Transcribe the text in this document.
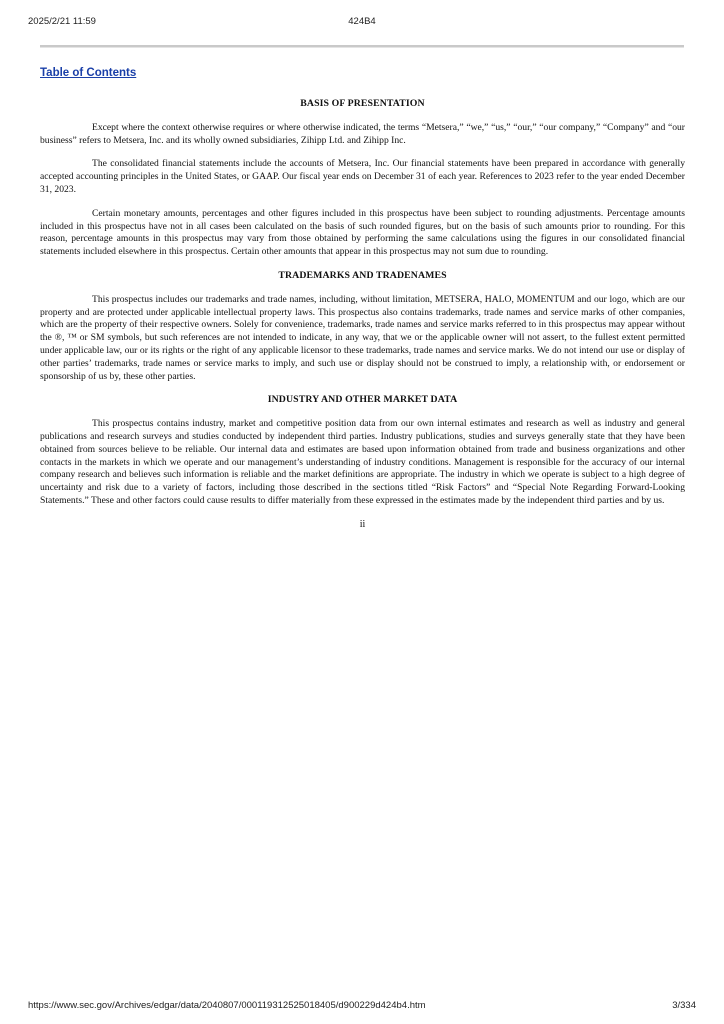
2025/2/21 11:59	424B4
Table of Contents
BASIS OF PRESENTATION

Except where the context otherwise requires or where otherwise indicated, the terms “Metsera,” “we,” “us,” “our,” “our company,” “Company” and “our business” refers to Metsera, Inc. and its wholly owned subsidiaries, Zihipp Ltd. and Zihipp Inc.

The consolidated financial statements include the accounts of Metsera, Inc. Our financial statements have been prepared in accordance with generally accepted accounting principles in the United States, or GAAP. Our fiscal year ends on December 31 of each year. References to 2023 refer to the year ended December 31, 2023.

Certain monetary amounts, percentages and other figures included in this prospectus have been subject to rounding adjustments. Percentage amounts included in this prospectus have not in all cases been calculated on the basis of such rounded figures, but on the basis of such amounts prior to rounding. For this reason, percentage amounts in this prospectus may vary from those obtained by performing the same calculations using the figures in our consolidated financial statements included elsewhere in this prospectus. Certain other amounts that appear in this prospectus may not sum due to rounding.

TRADEMARKS AND TRADENAMES

This prospectus includes our trademarks and trade names, including, without limitation, METSERA, HALO, MOMENTUM and our logo, which are our property and are protected under applicable intellectual property laws. This prospectus also contains trademarks, trade names and service marks of other companies, which are the property of their respective owners. Solely for convenience, trademarks, trade names and service marks referred to in this prospectus may appear without the ®, ™ or SM symbols, but such references are not intended to indicate, in any way, that we or the applicable owner will not assert, to the fullest extent permitted under applicable law, our or its rights or the right of any applicable licensor to these trademarks, trade names and service marks. We do not intend our use or display of other parties’ trademarks, trade names or service marks to imply, and such use or display should not be construed to imply, a relationship with, or endorsement or sponsorship of us by, these other parties.

INDUSTRY AND OTHER MARKET DATA

This prospectus contains industry, market and competitive position data from our own internal estimates and research as well as industry and general publications and research surveys and studies conducted by independent third parties. Industry publications, studies and surveys generally state that they have been obtained from sources believe to be reliable. Our internal data and estimates are based upon information obtained from trade and business organizations and other contacts in the markets in which we operate and our management’s understanding of industry conditions. Management is responsible for the accuracy of our internal company research and believes such information is reliable and the market definitions are appropriate. The industry in which we operate is subject to a high degree of uncertainty and risk due to a variety of factors, including those described in the sections titled “Risk Factors” and “Special Note Regarding Forward-Looking Statements.” These and other factors could cause results to differ materially from these expressed in the estimates made by the independent third parties and by us.

ii
https://www.sec.gov/Archives/edgar/data/2040807/000119312525018405/d900229d424b4.htm	3/334
